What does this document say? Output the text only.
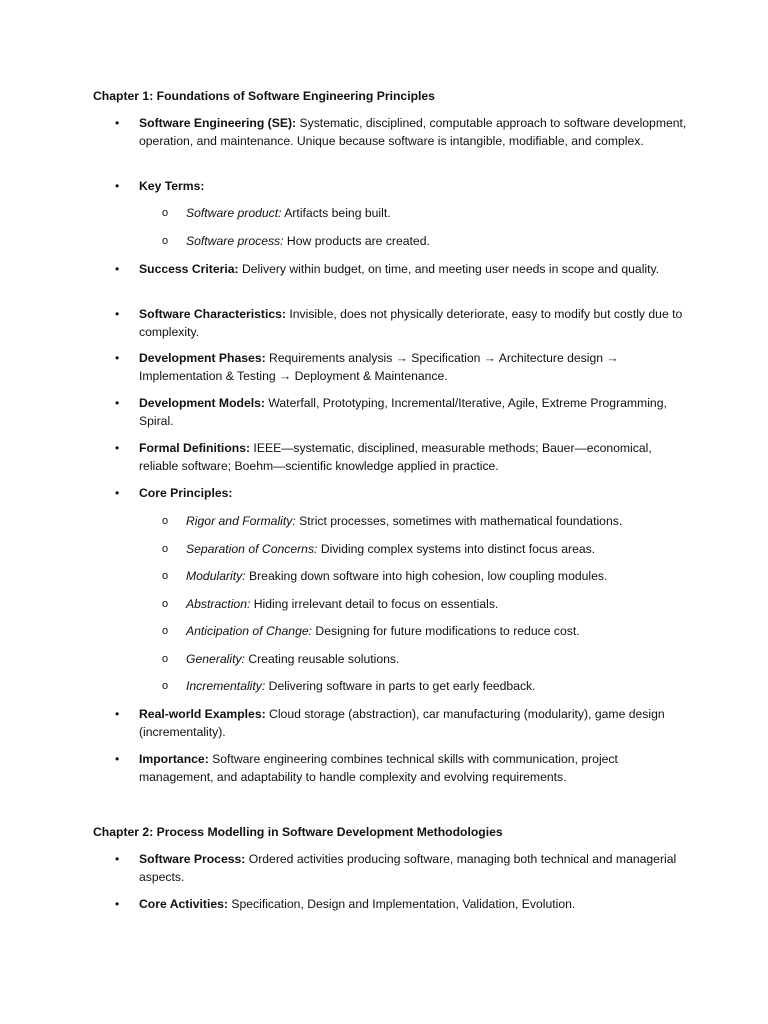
Chapter 1: Foundations of Software Engineering Principles
• Software Engineering (SE): Systematic, disciplined, computable approach to software development, operation, and maintenance. Unique because software is intangible, modifiable, and complex.
• Key Terms:
o Software product: Artifacts being built.
o Software process: How products are created.
• Success Criteria: Delivery within budget, on time, and meeting user needs in scope and quality.
• Software Characteristics: Invisible, does not physically deteriorate, easy to modify but costly due to complexity.
• Development Phases: Requirements analysis → Specification → Architecture design → Implementation & Testing → Deployment & Maintenance.
• Development Models: Waterfall, Prototyping, Incremental/Iterative, Agile, Extreme Programming, Spiral.
• Formal Definitions: IEEE—systematic, disciplined, measurable methods; Bauer—economical, reliable software; Boehm—scientific knowledge applied in practice.
• Core Principles:
o Rigor and Formality: Strict processes, sometimes with mathematical foundations.
o Separation of Concerns: Dividing complex systems into distinct focus areas.
o Modularity: Breaking down software into high cohesion, low coupling modules.
o Abstraction: Hiding irrelevant detail to focus on essentials.
o Anticipation of Change: Designing for future modifications to reduce cost.
o Generality: Creating reusable solutions.
o Incrementality: Delivering software in parts to get early feedback.
• Real-world Examples: Cloud storage (abstraction), car manufacturing (modularity), game design (incrementality).
• Importance: Software engineering combines technical skills with communication, project management, and adaptability to handle complexity and evolving requirements.
Chapter 2: Process Modelling in Software Development Methodologies
• Software Process: Ordered activities producing software, managing both technical and managerial aspects.
• Core Activities: Specification, Design and Implementation, Validation, Evolution.
